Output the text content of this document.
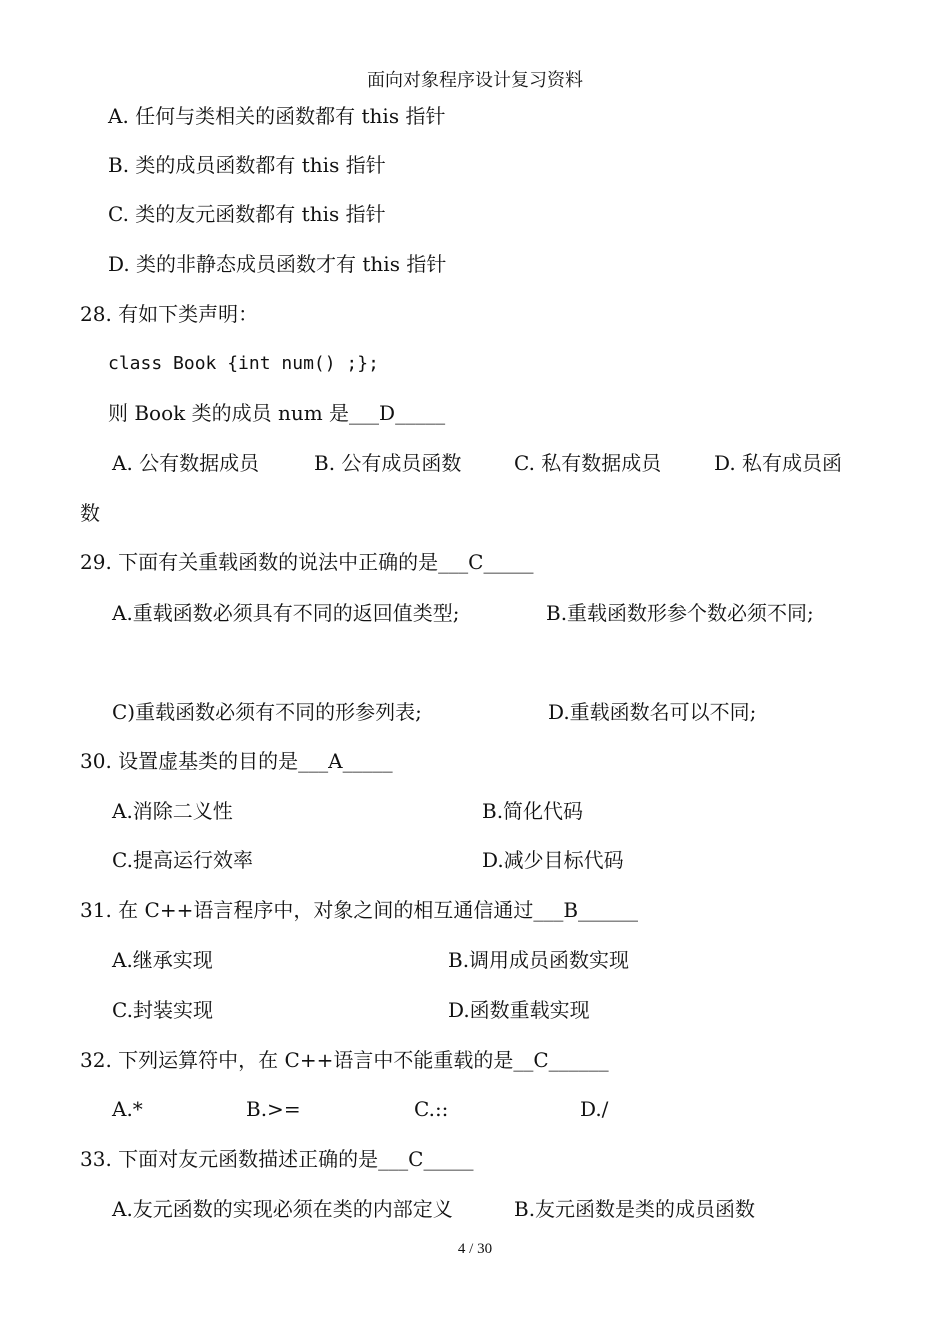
面向对象程序设计复习资料
A. 任何与类相关的函数都有 this 指针
B. 类的成员函数都有 this 指针
C. 类的友元函数都有 this 指针
D. 类的非静态成员函数才有 this 指针
28. 有如下类声明：
class Book {int num() ;};
则 Book 类的成员 num 是___D_____
A. 公有数据成员	B. 公有成员函数	C. 私有数据成员	D. 私有成员函
数
29. 下面有关重载函数的说法中正确的是___C_____
A.重载函数必须具有不同的返回值类型;	B.重载函数形参个数必须不同;
C)重载函数必须有不同的形参列表;	D.重载函数名可以不同;
30. 设置虚基类的目的是___A_____
A.消除二义性	B.简化代码
C.提高运行效率	D.减少目标代码
31. 在 C++语言程序中，对象之间的相互通信通过___B______
A.继承实现	B.调用成员函数实现
C.封装实现	D.函数重载实现
32. 下列运算符中，在 C++语言中不能重载的是__C______
A.*	B.>=	C.::	D./
33. 下面对友元函数描述正确的是___C_____
A.友元函数的实现必须在类的内部定义	B.友元函数是类的成员函数
4 / 30
